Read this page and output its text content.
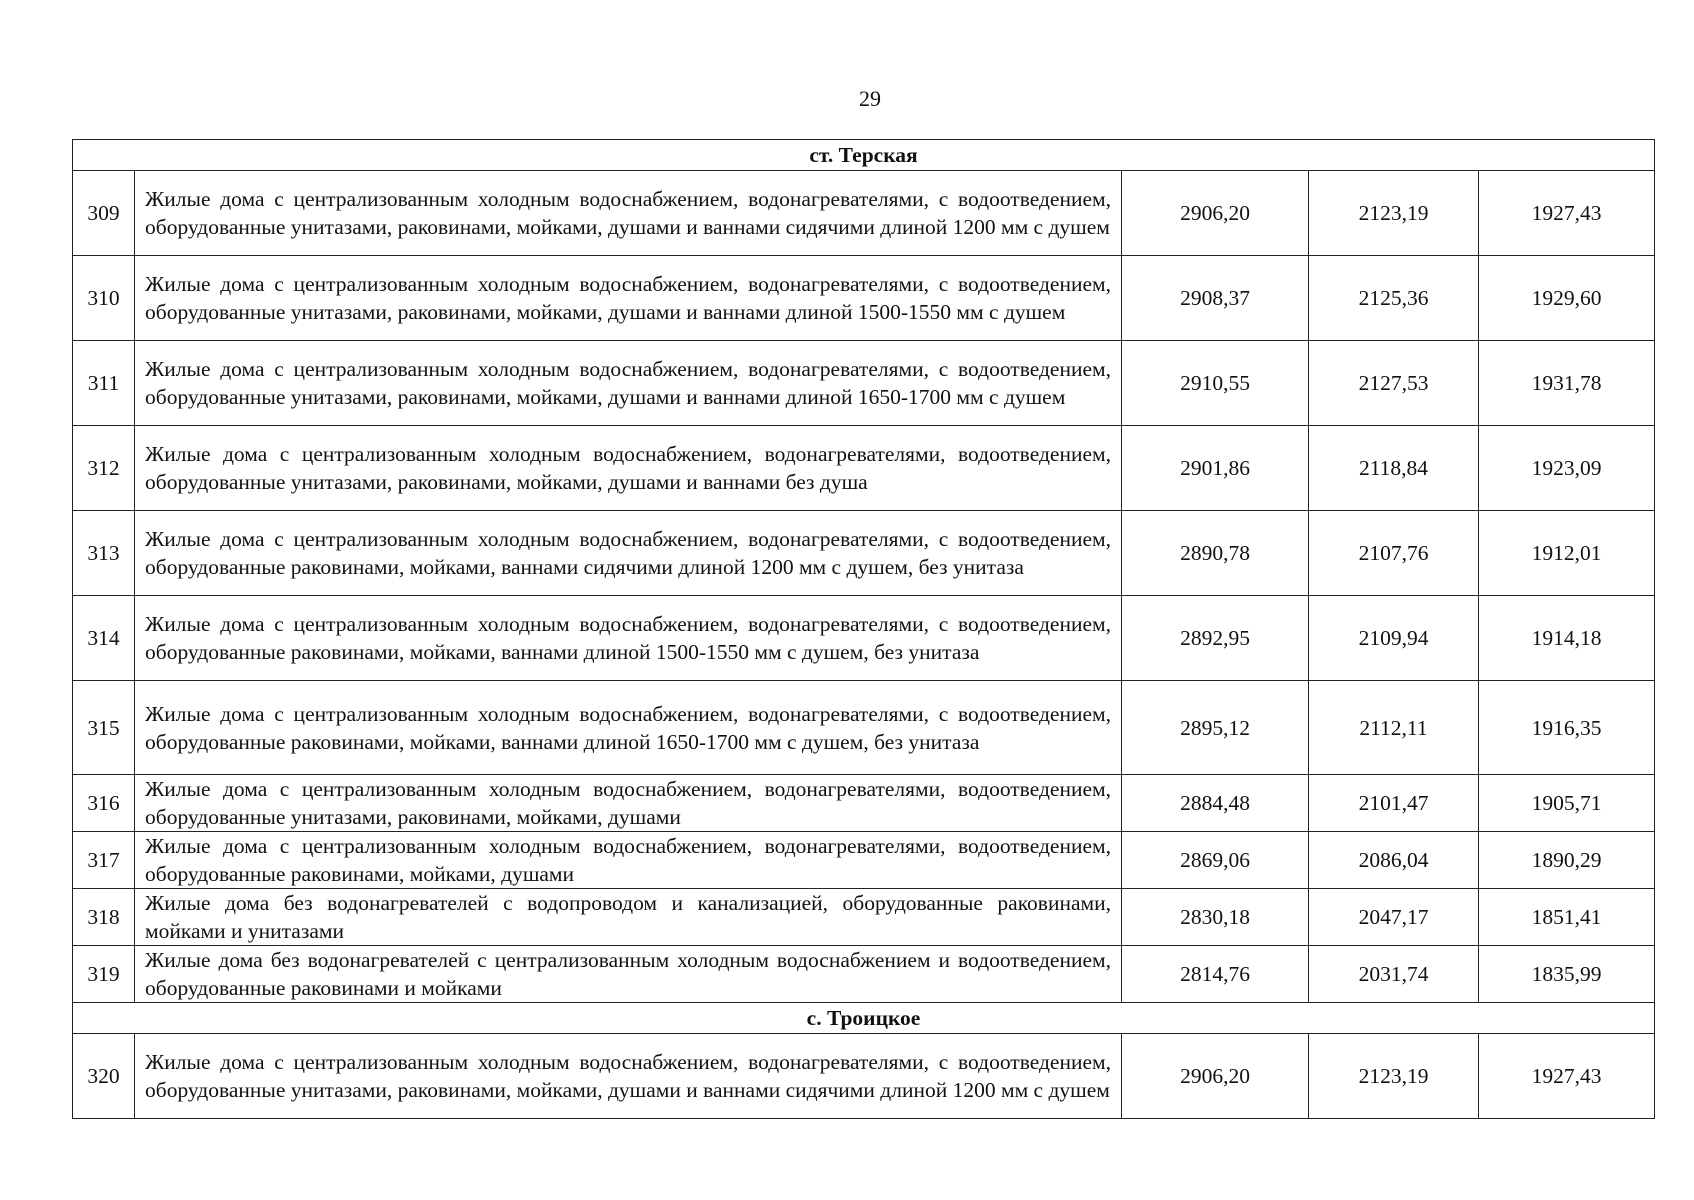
29
ст. Терская				
309	Жилые дома с централизованным холодным водоснабжением, водонагревателями, с водоотведением, оборудованные унитазами, раковинами, мойками, душами и ваннами сидячими длиной 1200 мм с душем	2906,20	2123,19	1927,43
310	Жилые дома с централизованным холодным водоснабжением, водонагревателями, с водоотведением, оборудованные унитазами, раковинами, мойками, душами и ваннами длиной 1500-1550 мм с душем	2908,37	2125,36	1929,60
311	Жилые дома с централизованным холодным водоснабжением, водонагревателями, с водоотведением, оборудованные унитазами, раковинами, мойками, душами и ваннами длиной 1650-1700 мм с душем	2910,55	2127,53	1931,78
312	Жилые дома с централизованным холодным водоснабжением, водонагревателями, водоотведением, оборудованные унитазами, раковинами, мойками, душами и ваннами без душа	2901,86	2118,84	1923,09
313	Жилые дома с централизованным холодным водоснабжением, водонагревателями, с водоотведением, оборудованные раковинами, мойками, ваннами сидячими длиной 1200 мм с душем, без унитаза	2890,78	2107,76	1912,01
314	Жилые дома с централизованным холодным водоснабжением, водонагревателями, с водоотведением, оборудованные раковинами, мойками, ваннами длиной 1500-1550 мм с душем, без унитаза	2892,95	2109,94	1914,18
315	Жилые дома с централизованным холодным водоснабжением, водонагревателями, с водоотведением, оборудованные раковинами, мойками, ваннами длиной 1650-1700 мм с душем, без унитаза	2895,12	2112,11	1916,35
316	Жилые дома с централизованным холодным водоснабжением, водонагревателями, водоотведением, оборудованные унитазами, раковинами, мойками, душами	2884,48	2101,47	1905,71
317	Жилые дома с централизованным холодным водоснабжением, водонагревателями, водоотведением, оборудованные раковинами, мойками, душами	2869,06	2086,04	1890,29
318	Жилые дома без водонагревателей с водопроводом и канализацией, оборудованные раковинами, мойками и унитазами	2830,18	2047,17	1851,41
319	Жилые дома без водонагревателей с централизованным холодным водоснабжением и водоотведением, оборудованные раковинами и мойками	2814,76	2031,74	1835,99
с. Троицкое				
320	Жилые дома с централизованным холодным водоснабжением, водонагревателями, с водоотведением, оборудованные унитазами, раковинами, мойками, душами и ваннами сидячими длиной 1200 мм с душем	2906,20	2123,19	1927,43
